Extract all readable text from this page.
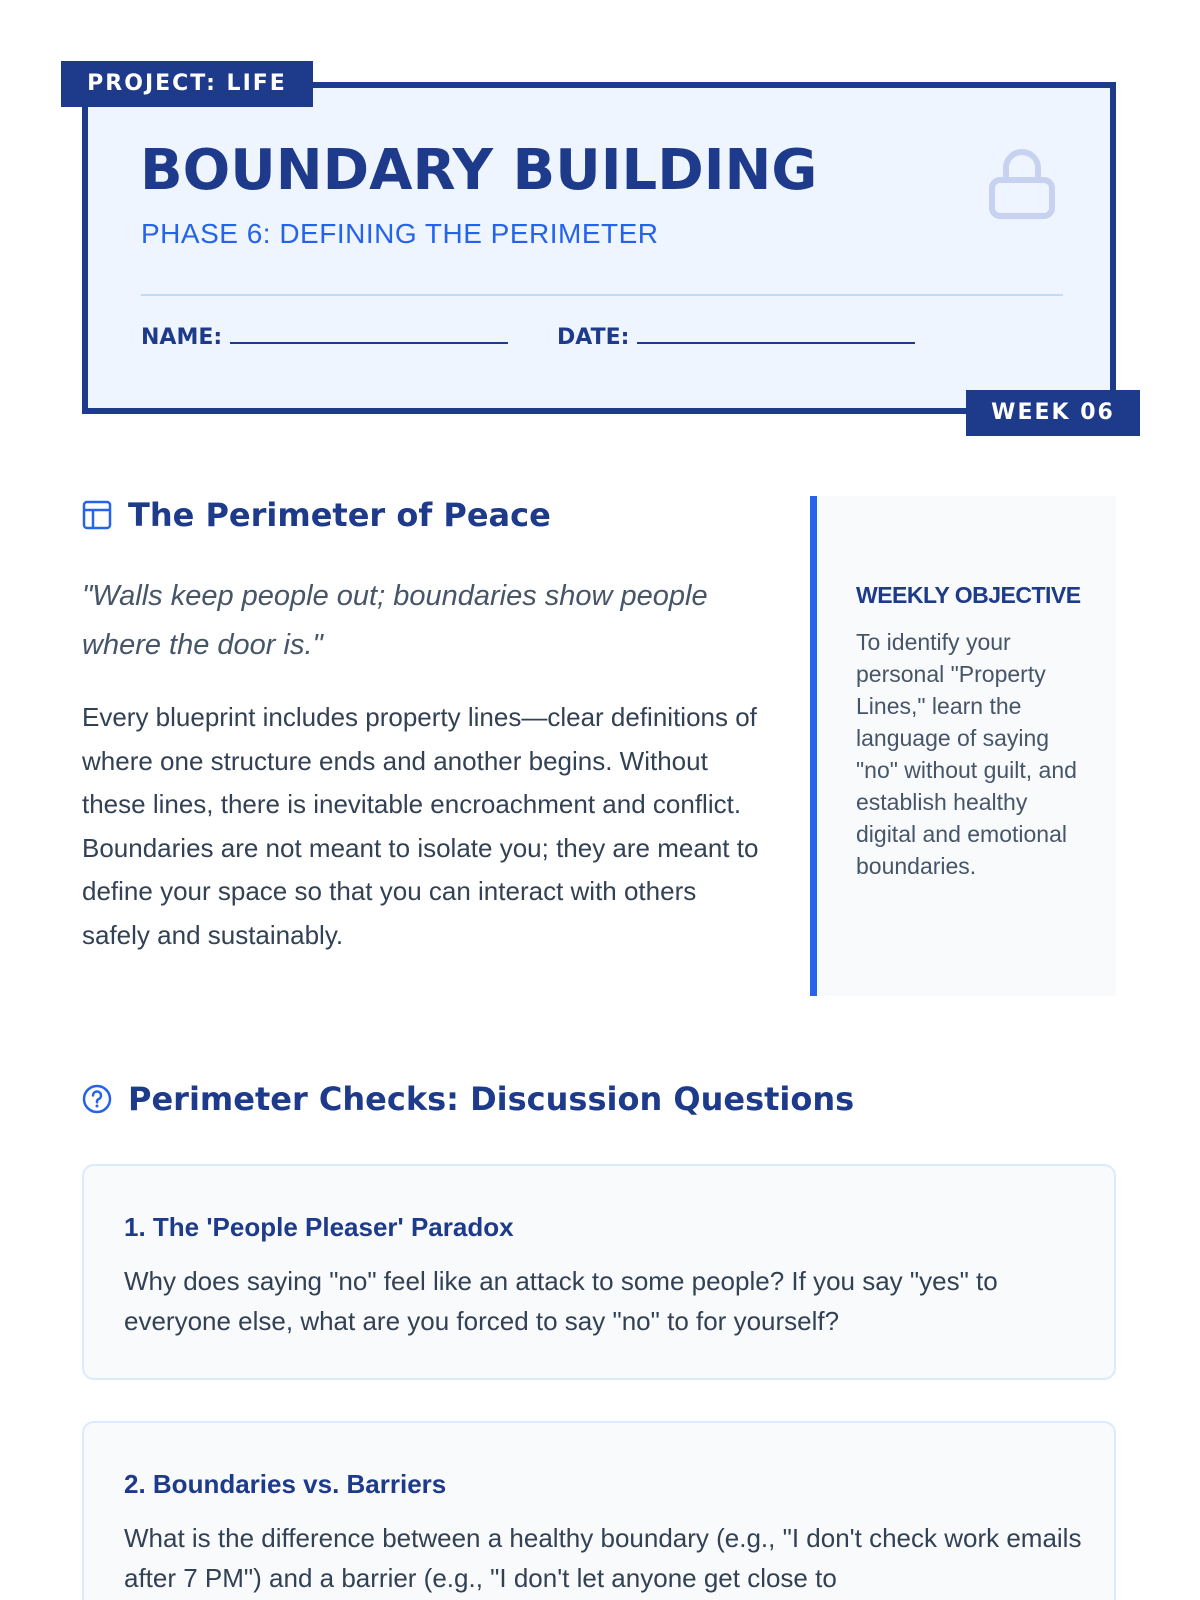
PROJECT: LIFE
WEEK 06
BOUNDARY BUILDING
PHASE 6: DEFINING THE PERIMETER
NAME:	DATE:
The Perimeter of Peace
"Walls keep people out; boundaries show people where the door is."
Every blueprint includes property lines—clear definitions of where one structure ends and another begins. Without these lines, there is inevitable encroachment and conflict. Boundaries are not meant to isolate you; they are meant to define your space so that you can interact with others safely and sustainably.
WEEKLY OBJECTIVE
To identify your personal "Property Lines," learn the language of saying "no" without guilt, and establish healthy digital and emotional boundaries.
Perimeter Checks: Discussion Questions
1. The 'People Pleaser' Paradox
Why does saying "no" feel like an attack to some people? If you say "yes" to everyone else, what are you forced to say "no" to for yourself?
2. Boundaries vs. Barriers
What is the difference between a healthy boundary (e.g., "I don't check work emails after 7 PM") and a barrier (e.g., "I don't let anyone get close to
